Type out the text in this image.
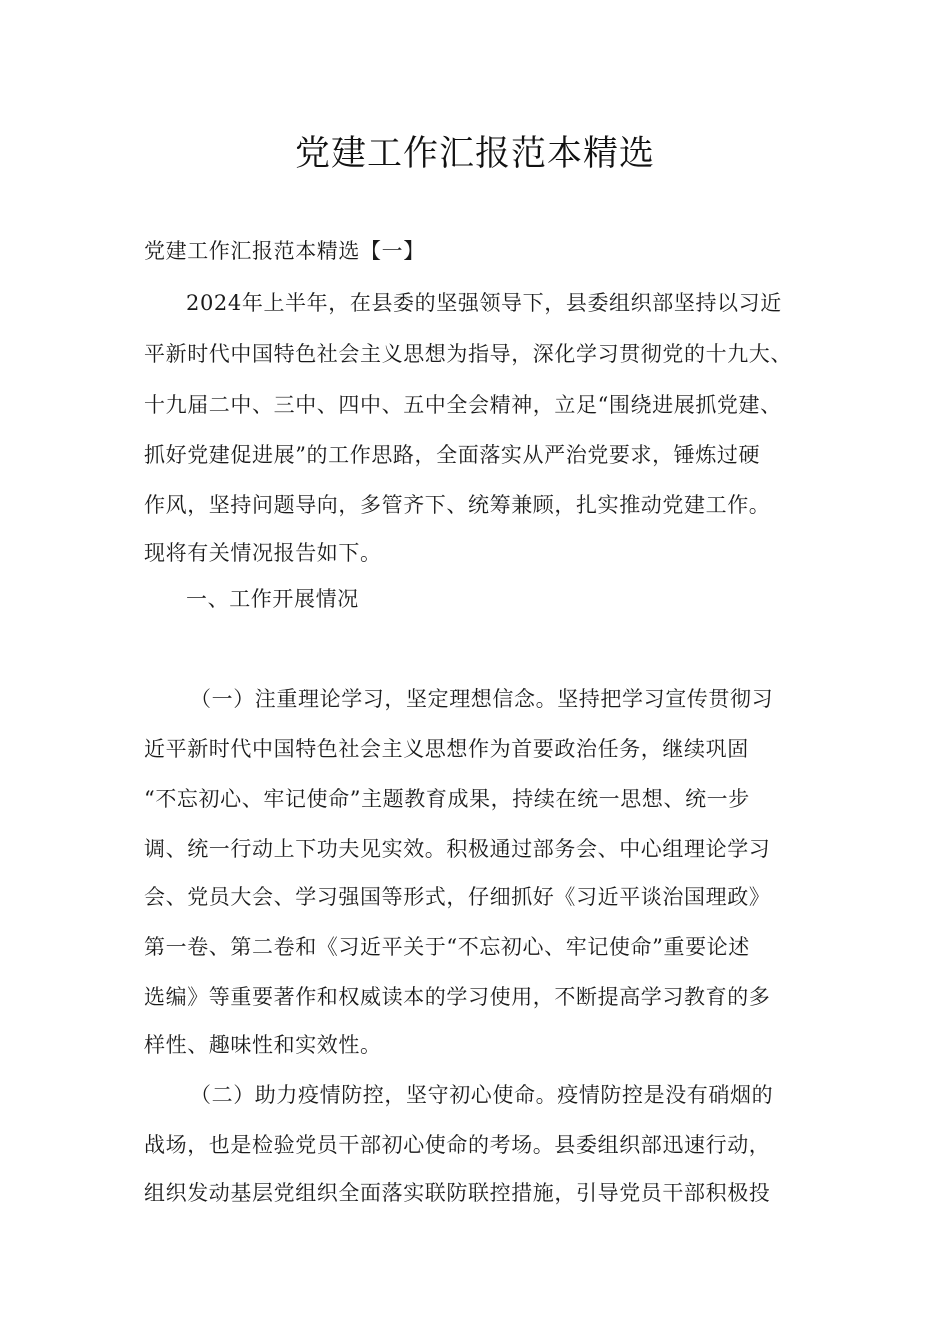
党建工作汇报范本精选
党建工作汇报范本精选【一】
2024年上半年，在县委的坚强领导下，县委组织部坚持以习近
平新时代中国特色社会主义思想为指导，深化学习贯彻党的十九大、
十九届二中、三中、四中、五中全会精神，立足“围绕进展抓党建、
抓好党建促进展”的工作思路，全面落实从严治党要求，锤炼过硬
作风，坚持问题导向，多管齐下、统筹兼顾，扎实推动党建工作。
现将有关情况报告如下。
一、工作开展情况
（一）注重理论学习，坚定理想信念。坚持把学习宣传贯彻习
近平新时代中国特色社会主义思想作为首要政治任务，继续巩固
“不忘初心、牢记使命”主题教育成果，持续在统一思想、统一步
调、统一行动上下功夫见实效。积极通过部务会、中心组理论学习
会、党员大会、学习强国等形式，仔细抓好《习近平谈治国理政》
第一卷、第二卷和《习近平关于“不忘初心、牢记使命”重要论述
选编》等重要著作和权威读本的学习使用，不断提高学习教育的多
样性、趣味性和实效性。
（二）助力疫情防控，坚守初心使命。疫情防控是没有硝烟的
战场，也是检验党员干部初心使命的考场。县委组织部迅速行动，
组织发动基层党组织全面落实联防联控措施，引导党员干部积极投
